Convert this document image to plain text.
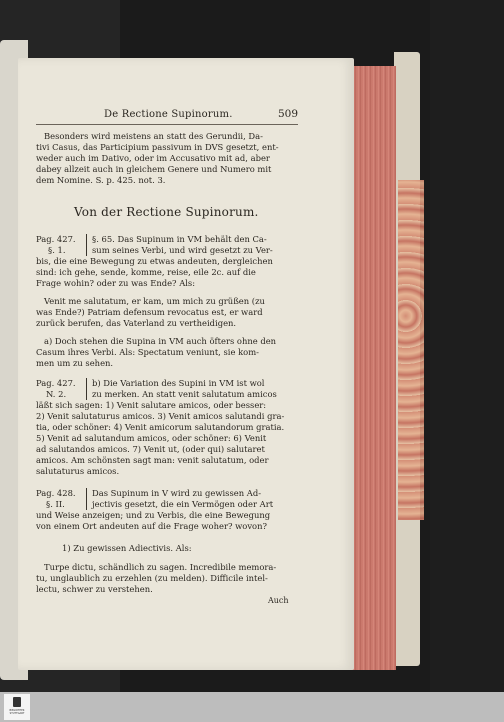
De Rectione Supinorum.	509
Besonders wird meistens an statt des Gerundii, Da-
tivi Casus, das Participium passivum in DVS gesetzt, ent-
weder auch im Dativo, oder im Accusativo mit ad, aber
dabey allzeit auch in gleichem Genere und Numero mit
dem Nomine. S. p. 425. not. 3.
Von der Rectione Supinorum.
Pag. 427.
§. 1.
§. 65. Das Supinum in VM behält den Ca-
sum seines Verbi, und wird gesetzt zu Ver-
bis, die eine Bewegung zu etwas andeuten, dergleichen
sind: ich gehe, sende, komme, reise, eile 2c. auf die
Frage wohin? oder zu was Ende? Als:
Venit me salutatum, er kam, um mich zu grüßen (zu
was Ende?) Patriam defensum revocatus est, er ward
zurück berufen, das Vaterland zu vertheidigen.
a) Doch stehen die Supina in VM auch öfters ohne den
Casum ihres Verbi. Als: Spectatum veniunt, sie kom-
men um zu sehen.
Pag. 427.
N. 2.
b) Die Variation des Supini in VM ist wol
zu merken. An statt venit salutatum amicos
läßt sich sagen: 1) Venit salutare amicos, oder besser:
2) Venit salutaturus amicos. 3) Venit amicos salutandi gra-
tia, oder schöner: 4) Venit amicorum salutandorum gratia.
5) Venit ad salutandum amicos, oder schöner: 6) Venit
ad salutandos amicos. 7) Venit ut, (oder qui) salutaret
amicos. Am schönsten sagt man: venit salutatum, oder
salutaturus amicos.
Pag. 428.
§. II.
Das Supinum in V wird zu gewissen Ad-
jectivis gesetzt, die ein Vermögen oder Art
und Weise anzeigen; und zu Verbis, die eine Bewegung
von einem Ort andeuten auf die Frage woher? wovon?
1) Zu gewissen Adiectivis. Als:
Turpe dictu, schändlich zu sagen. Incredibile memora-
tu, unglaublich zu erzehlen (zu melden). Difficile intel-
lectu, schwer zu verstehen.
Auch
BIBLIOTHEK STUTTGART
